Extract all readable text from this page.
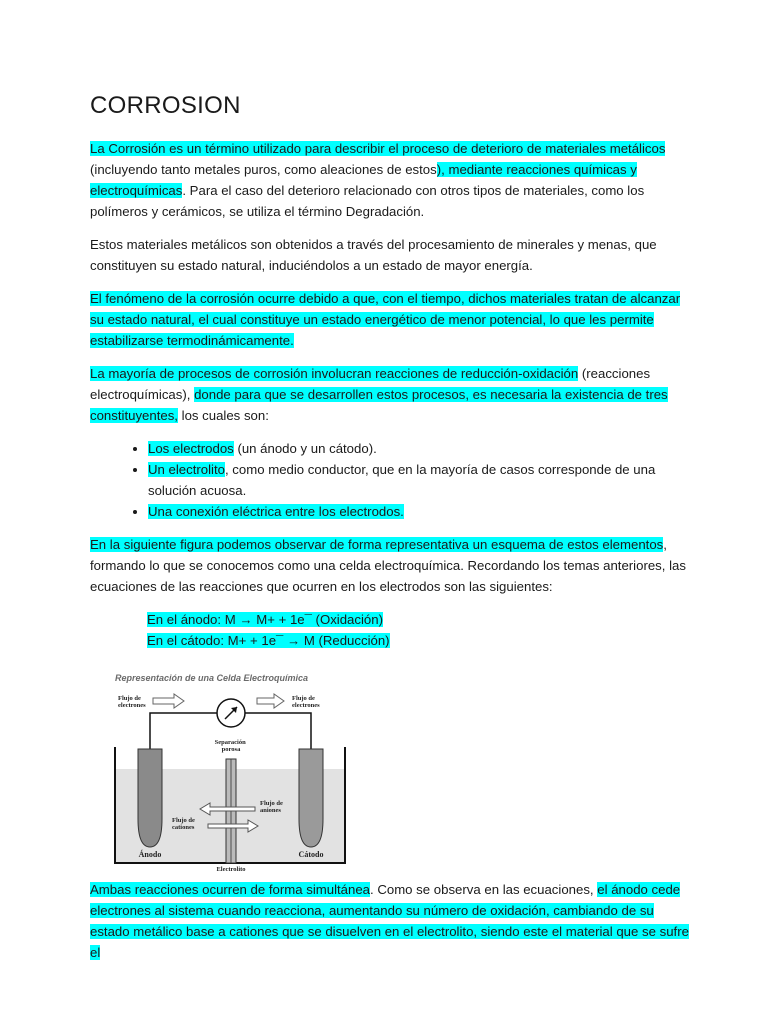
CORROSION

La Corrosión es un término utilizado para describir el proceso de deterioro de materiales metálicos (incluyendo tanto metales puros, como aleaciones de estos), mediante reacciones químicas y electroquímicas. Para el caso del deterioro relacionado con otros tipos de materiales, como los polímeros y cerámicos, se utiliza el término Degradación.

Estos materiales metálicos son obtenidos a través del procesamiento de minerales y menas, que constituyen su estado natural, induciéndolos a un estado de mayor energía.

El fenómeno de la corrosión ocurre debido a que, con el tiempo, dichos materiales tratan de alcanzar su estado natural, el cual constituye un estado energético de menor potencial, lo que les permite estabilizarse termodinámicamente.

La mayoría de procesos de corrosión involucran reacciones de reducción-oxidación (reacciones electroquímicas), donde para que se desarrollen estos procesos, es necesaria la existencia de tres constituyentes, los cuales son:

• Los electrodos (un ánodo y un cátodo).
• Un electrolito, como medio conductor, que en la mayoría de casos corresponde de una solución acuosa.
• Una conexión eléctrica entre los electrodos.

En la siguiente figura podemos observar de forma representativa un esquema de estos elementos, formando lo que se conocemos como una celda electroquímica. Recordando los temas anteriores, las ecuaciones de las reacciones que ocurren en los electrodos son las siguientes:

En el ánodo: M → M+ + 1e¯ (Oxidación)
En el cátodo: M+ + 1e¯ → M (Reducción)
Representación de una Celda Electroquímica
Flujo de electrones
Flujo de electrones
Separación porosa
Flujo de aniones
Flujo de cationes
Ánodo	Cátodo
Electrolito

Ambas reacciones ocurren de forma simultánea. Como se observa en las ecuaciones, el ánodo cede electrones al sistema cuando reacciona, aumentando su número de oxidación, cambiando de su estado metálico base a cationes que se disuelven en el electrolito, siendo este el material que se sufre el
